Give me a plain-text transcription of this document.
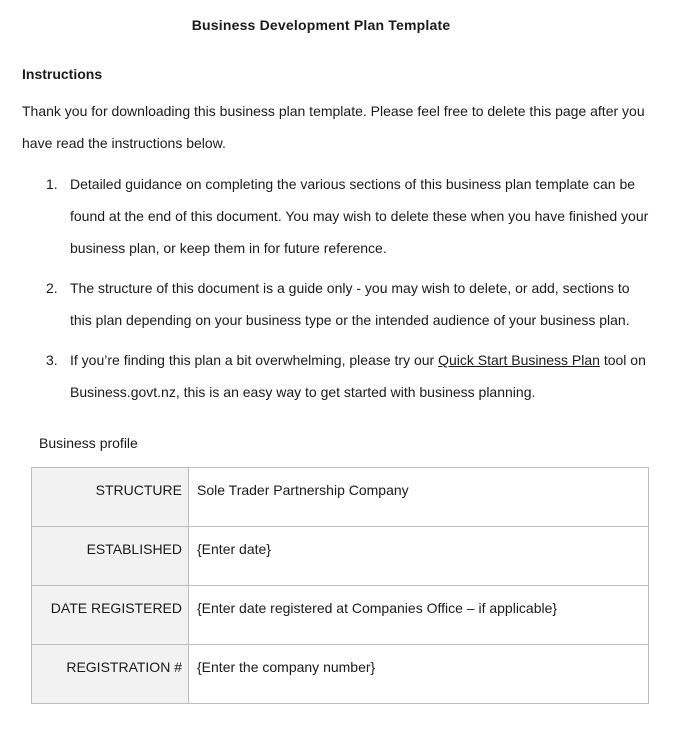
Business Development Plan Template
Instructions
Thank you for downloading this business plan template. Please feel free to delete this page after you
have read the instructions below.
1. Detailed guidance on completing the various sections of this business plan template can be
found at the end of this document. You may wish to delete these when you have finished your
business plan, or keep them in for future reference.
2. The structure of this document is a guide only - you may wish to delete, or add, sections to
this plan depending on your business type or the intended audience of your business plan.
3. If you’re finding this plan a bit overwhelming, please try our Quick Start Business Plan tool on
Business.govt.nz, this is an easy way to get started with business planning.
Business profile
STRUCTURE	Sole Trader Partnership Company
ESTABLISHED	{Enter date}
DATE REGISTERED	{Enter date registered at Companies Office – if applicable}
REGISTRATION #	{Enter the company number}
